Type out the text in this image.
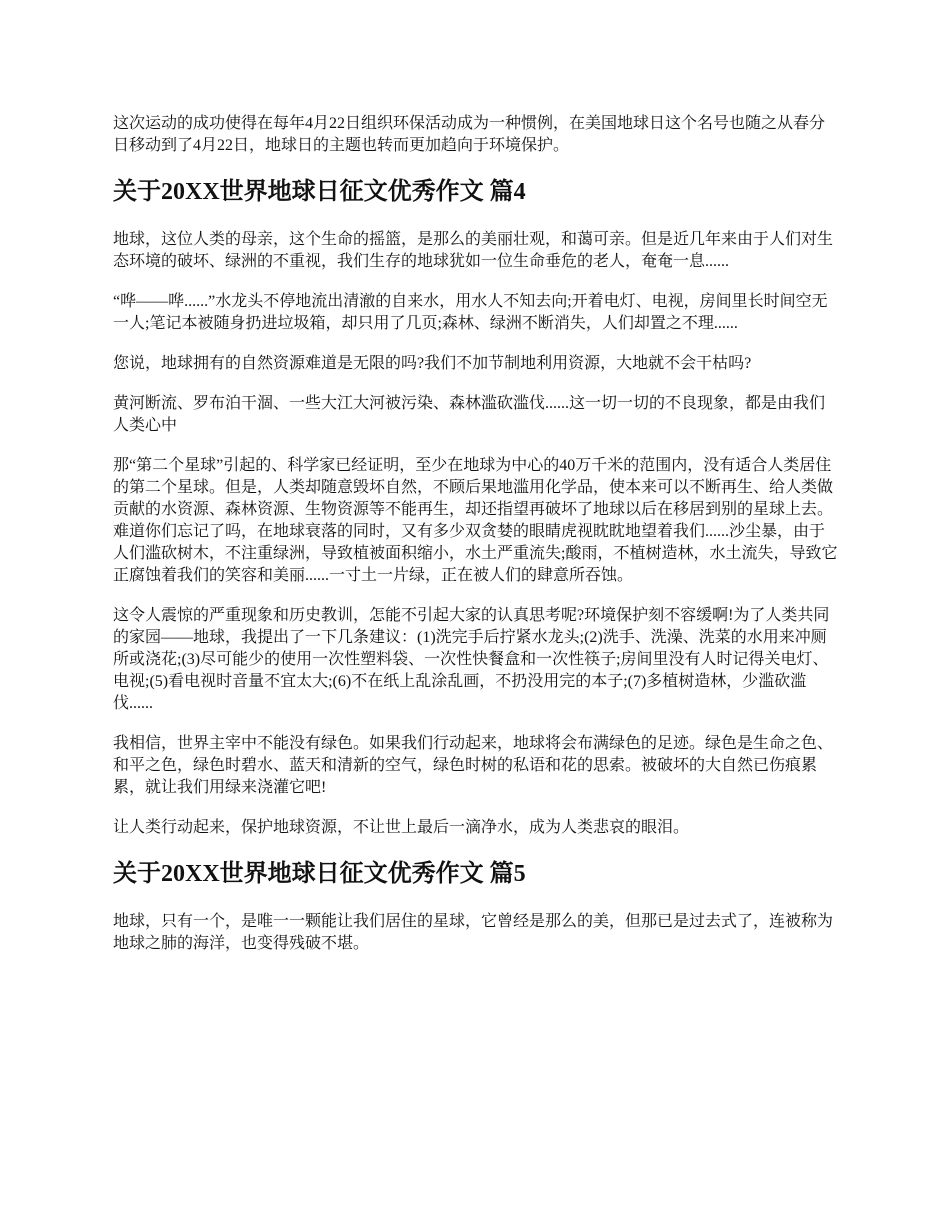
这次运动的成功使得在每年4月22日组织环保活动成为一种惯例，在美国地球日这个名号也随之从春分日移动到了4月22日，地球日的主题也转而更加趋向于环境保护。

关于20XX世界地球日征文优秀作文 篇4

地球，这位人类的母亲，这个生命的摇篮，是那么的美丽壮观，和蔼可亲。但是近几年来由于人们对生态环境的破坏、绿洲的不重视，我们生存的地球犹如一位生命垂危的老人，奄奄一息......

“哗——哗......”水龙头不停地流出清澈的自来水，用水人不知去向;开着电灯、电视，房间里长时间空无一人;笔记本被随身扔进垃圾箱，却只用了几页;森林、绿洲不断消失，人们却置之不理......

您说，地球拥有的自然资源难道是无限的吗?我们不加节制地利用资源，大地就不会干枯吗?

黄河断流、罗布泊干涸、一些大江大河被污染、森林滥砍滥伐......这一切一切的不良现象，都是由我们人类心中

那“第二个星球”引起的、科学家已经证明，至少在地球为中心的40万千米的范围内，没有适合人类居住的第二个星球。但是，人类却随意毁坏自然，不顾后果地滥用化学品，使本来可以不断再生、给人类做贡献的水资源、森林资源、生物资源等不能再生，却还指望再破坏了地球以后在移居到别的星球上去。难道你们忘记了吗，在地球衰落的同时，又有多少双贪婪的眼睛虎视眈眈地望着我们......沙尘暴，由于人们滥砍树木，不注重绿洲，导致植被面积缩小，水土严重流失;酸雨，不植树造林，水土流失，导致它正腐蚀着我们的笑容和美丽......一寸土一片绿，正在被人们的肆意所吞蚀。

这令人震惊的严重现象和历史教训，怎能不引起大家的认真思考呢?环境保护刻不容缓啊!为了人类共同的家园——地球，我提出了一下几条建议：(1)洗完手后拧紧水龙头;(2)洗手、洗澡、洗菜的水用来冲厕所或浇花;(3)尽可能少的使用一次性塑料袋、一次性快餐盒和一次性筷子;房间里没有人时记得关电灯、电视;(5)看电视时音量不宜太大;(6)不在纸上乱涂乱画，不扔没用完的本子;(7)多植树造林，少滥砍滥伐......

我相信，世界主宰中不能没有绿色。如果我们行动起来，地球将会布满绿色的足迹。绿色是生命之色、和平之色，绿色时碧水、蓝天和清新的空气，绿色时树的私语和花的思索。被破坏的大自然已伤痕累累，就让我们用绿来浇灌它吧!

让人类行动起来，保护地球资源，不让世上最后一滴净水，成为人类悲哀的眼泪。

关于20XX世界地球日征文优秀作文 篇5

地球，只有一个，是唯一一颗能让我们居住的星球，它曾经是那么的美，但那已是过去式了，连被称为地球之肺的海洋，也变得残破不堪。
